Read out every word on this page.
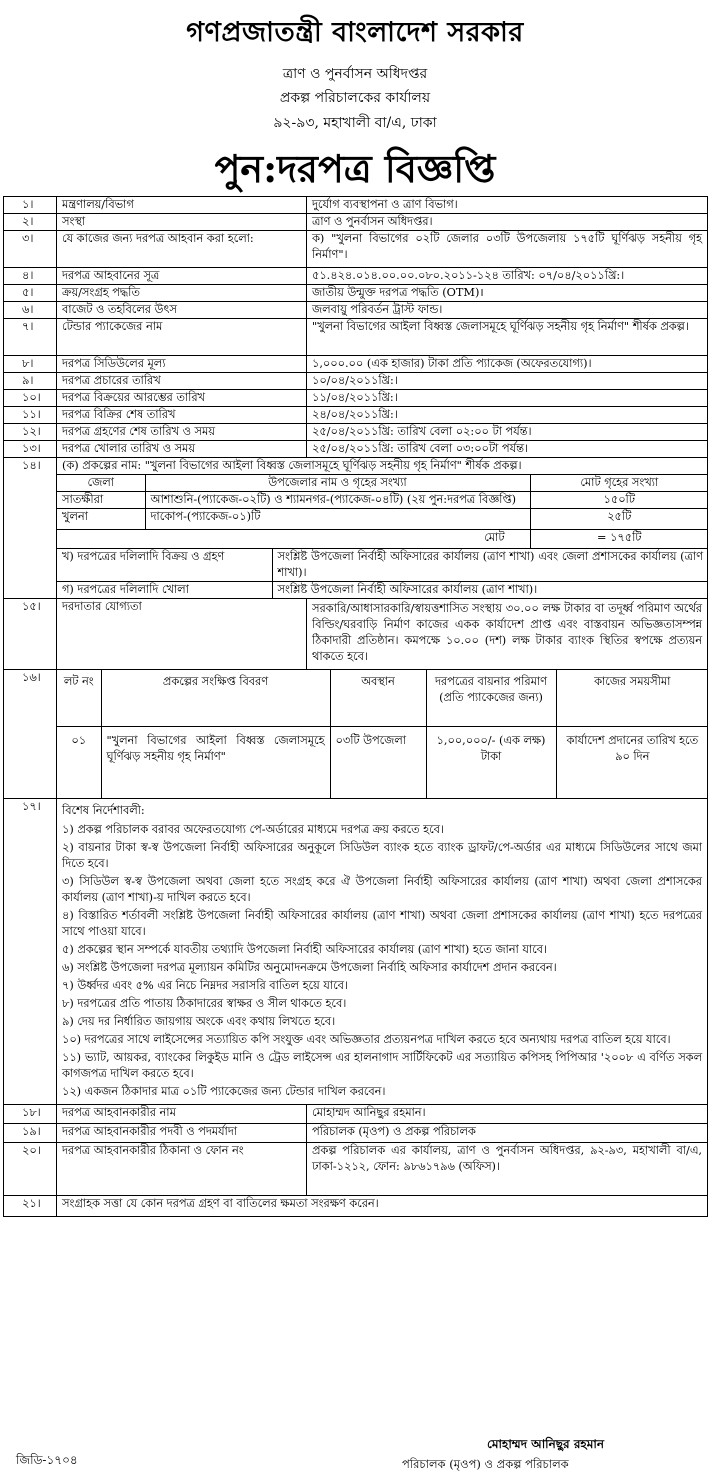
গণপ্রজাতন্ত্রী বাংলাদেশ সরকার
ত্রাণ ও পুনর্বাসন অধিদপ্তর
প্রকল্প পরিচালকের কার্যালয়
৯২-৯৩, মহাখালী বা/এ, ঢাকা
পুন:দরপত্র বিজ্ঞপ্তি
১।	মন্ত্রণালয়/বিভাগ	দুর্যোগ ব্যবস্থাপনা ও ত্রাণ বিভাগ।
২।	সংস্থা	ত্রাণ ও পুনর্বাসন অধিদপ্তর।
৩।	যে কাজের জন্য দরপত্র আহবান করা হলো:	ক) "খুলনা বিভাগের ০২টি জেলার ০৩টি উপজেলায় ১৭৫টি ঘূর্ণিঝড় সহনীয় গৃহ নির্মাণ"।
৪।	দরপত্র আহবানের সূত্র	৫১.৪২৪.০১৪.০০.০০.০৮০.২০১১-১২৪ তারিখ: ০৭/০৪/২০১১খ্রি:।
৫।	ক্রয়/সংগ্রহ পদ্ধতি	জাতীয় উন্মুক্ত দরপত্র পদ্ধতি (OTM)।
৬।	বাজেট ও তহবিলের উৎস	জলবায়ু পরিবর্তন ট্রাস্ট ফান্ড।
৭।	টেন্ডার প্যাকেজের নাম	"খুলনা বিভাগের আইলা বিধ্বস্ত জেলাসমূহে ঘূর্ণিঝড় সহনীয় গৃহ নির্মাণ" শীর্ষক প্রকল্প।
৮।	দরপত্র সিডিউলের মূল্য	১,০০০.০০ (এক হাজার) টাকা প্রতি প্যাকেজ (অফেরতযোগ্য)।
৯।	দরপত্র প্রচারের তারিখ	১০/০৪/২০১১খ্রি:।
১০।	দরপত্র বিক্রয়ের আরম্ভের তারিখ	১১/০৪/২০১১খ্রি:।
১১।	দরপত্র বিক্রির শেষ তারিখ	২৪/০৪/২০১১খ্রি:।
১২।	দরপত্র গ্রহণের শেষ তারিখ ও সময়	২৫/০৪/২০১১খ্রি: তারিখ বেলা ০২:০০ টা পর্যন্ত।
১৩।	দরপত্র খোলার তারিখ ও সময়	২৫/০৪/২০১১খ্রি: তারিখ বেলা ০৩:০০টা পর্যন্ত।
১৪।	(ক) প্রকল্পের নাম: "খুলনা বিভাগের আইলা বিধ্বস্ত জেলাসমূহে ঘূর্ণিঝড় সহনীয় গৃহ নির্মাণ" শীর্ষক প্রকল্প।
জেলা	উপজেলার নাম ও গৃহের সংখ্যা	মোট গৃহের সংখ্যা
সাতক্ষীরা	আশাশুনি-(প্যাকেজ-০২টি) ও শ্যামনগর-(প্যাকেজ-০৪টি) (২য় পুন:দরপত্র বিজ্ঞপ্তি)	১৫০টি
খুলনা	দাকোপ-(প্যাকেজ-০১)টি	২৫টি
মোট	= ১৭৫টি
খ) দরপত্রের দলিলাদি বিক্রয় ও গ্রহণ	সংশ্লিষ্ট উপজেলা নির্বাহী অফিসারের কার্যালয় (ত্রাণ শাখা) এবং জেলা প্রশাসকের কার্যালয় (ত্রাণ শাখা)।
গ) দরপত্রের দলিলাদি খোলা	সংশ্লিষ্ট উপজেলা নির্বাহী অফিসারের কার্যালয় (ত্রাণ শাখা)।

১৫।	দরদাতার যোগ্যতা	সরকারি/আধাসারকারি/স্বায়ত্তশাসিত সংস্থায় ৩০.০০ লক্ষ টাকার বা তদূর্ধ্ব পরিমাণ অর্থের বিল্ডিং/ঘরবাড়ি নির্মাণ কাজের একক কার্যাদেশ প্রাপ্ত এবং বাস্তবায়ন অভিজ্ঞতাসম্পন্ন ঠিকাদারী প্রতিষ্ঠান। কমপক্ষে ১০.০০ (দশ) লক্ষ টাকার ব্যাংক স্থিতির স্বপক্ষে প্রত্যয়ন থাকতে হবে।
১৬।	লট নং	প্রকল্পের সংক্ষিপ্ত বিবরণ	অবস্থান	দরপত্রের বায়নার পরিমাণ (প্রতি প্যাকেজের জন্য)	কাজের সময়সীমা
০১	"খুলনা বিভাগের আইলা বিধ্বস্ত জেলাসমূহে ঘূর্ণিঝড় সহনীয় গৃহ নির্মাণ"	০৩টি উপজেলা	১,০০,০০০/- (এক লক্ষ) টাকা	কার্যাদেশ প্রদানের তারিখ হতে ৯০ দিন

১৭।	বিশেষ নির্দেশাবলী:
১) প্রকল্প পরিচালক বরাবর অফেরতযোগ্য পে-অর্ডারের মাধ্যমে দরপত্র ক্রয় করতে হবে।
২) বায়নার টাকা স্ব-স্ব উপজেলা নির্বাহী অফিসারের অনুকূলে সিডিউল ব্যাংক হতে ব্যাংক ড্রাফট/পে-অর্ডার এর মাধ্যমে সিডিউলের সাথে জমা দিতে হবে।
৩) সিডিউল স্ব-স্ব উপজেলা অথবা জেলা হতে সংগ্রহ করে ঐ উপজেলা নির্বাহী অফিসারের কার্যালয় (ত্রাণ শাখা) অথবা জেলা প্রশাসকের কার্যালয় (ত্রাণ শাখা)-য় দাখিল করতে হবে।
৪) বিস্তারিত শর্তাবলী সংশ্লিষ্ট উপজেলা নির্বাহী অফিসারের কার্যালয় (ত্রাণ শাখা) অথবা জেলা প্রশাসকের কার্যালয় (ত্রাণ শাখা) হতে দরপত্রের সাথে পাওয়া যাবে।
৫) প্রকল্পের স্থান সম্পর্কে যাবতীয় তথ্যাদি উপজেলা নির্বাহী অফিসারের কার্যালয় (ত্রাণ শাখা) হতে জানা যাবে।
৬) সংশ্লিষ্ট উপজেলা দরপত্র মূল্যায়ন কমিটির অনুমোদনক্রমে উপজেলা নির্বাহি অফিসার কার্যাদেশ প্রদান করবেন।
৭) উর্ধ্বদর এবং ৫% এর নিচে নিম্নদর সরাসরি বাতিল হয়ে যাবে।
৮) দরপত্রের প্রতি পাতায় ঠিকাদারের স্বাক্ষর ও সীল থাকতে হবে।
৯) দেয় দর নির্ধারিত জায়গায় অংকে এবং কথায় লিখতে হবে।
১০) দরপত্রের সাথে লাইসেন্সের সত্যায়িত কপি সংযুক্ত এবং অভিজ্ঞতার প্রত্যয়নপত্র দাখিল করতে হবে অন্যথায় দরপত্র বাতিল হয়ে যাবে।
১১) ভ্যাট, আয়কর, ব্যাংকের লিকুইড মানি ও ট্রেড লাইসেন্স এর হালনাগাদ সার্টিফিকেট এর সত্যায়িত কপিসহ পিপিআর '২০০৮ এ বর্ণিত সকল কাগজপত্র দাখিল করতে হবে।
১২) একজন ঠিকাদার মাত্র ০১টি প্যাকেজের জন্য টেন্ডার দাখিল করবেন।

১৮।	দরপত্র আহবানকারীর নাম	মোহাম্মদ আনিছুর রহমান।
১৯।	দরপত্র আহবানকারীর পদবী ও পদমর্যাদা	পরিচালক (মৃওপ) ও প্রকল্প পরিচালক
২০।	দরপত্র আহবানকারীর ঠিকানা ও ফোন নং	প্রকল্প পরিচালক এর কার্যালয়, ত্রাণ ও পুনর্বাসন অধিদপ্তর, ৯২-৯৩, মহাখালী বা/এ, ঢাকা-১২১২, ফোন: ৯৮৬১৭৯৬ (অফিস)।
২১।	সংগ্রাহক সত্তা যে কোন দরপত্র গ্রহণ বা বাতিলের ক্ষমতা সংরক্ষণ করেন।
মোহাম্মদ আনিছুর রহমান
পরিচালক (মৃওপ) ও প্রকল্প পরিচালক
জিডি-১৭০৪
